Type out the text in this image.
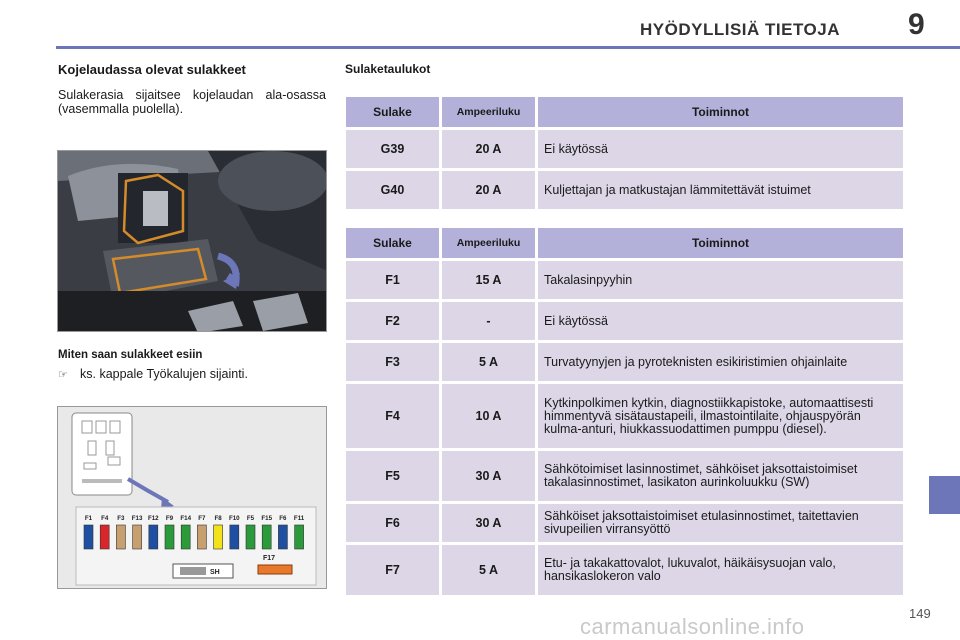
9
HYÖDYLLISIÄ TIETOJA
Kojelaudassa olevat sulakkeet
Sulakerasia sijaitsee kojelaudan ala-osassa (vasemmalla puolella).
Sulaketaulukot
Miten saan sulakkeet esiin
☞ ks. kappale Työkalujen sijainti.
F1 F4 F3 F13 F12 F9 F14 F7 F8 F10 F5 F15 F6 F11
SH
F17
Sulake	Ampeeriluku	Toiminnot
G39	20 A	Ei käytössä
G40	20 A	Kuljettajan ja matkustajan lämmitettävät istuimet
Sulake	Ampeeriluku	Toiminnot
F1	15 A	Takalasinpyyhin
F2	-	Ei käytössä
F3	5 A	Turvatyynyjen ja pyroteknisten esikiristimien ohjainlaite
F4	10 A	Kytkinpolkimen kytkin, diagnostiikkapistoke, automaattisesti himmentyvä sisätaustapeili, ilmastointilaite, ohjauspyörän kulma-anturi, hiukkassuodattimen pumppu (diesel).
F5	30 A	Sähkötoimiset lasinnostimet, sähköiset jaksottaistoimiset takalasinnostimet, lasikaton aurinkoluukku (SW)
F6	30 A	Sähköiset jaksottaistoimiset etulasinnostimet, taitettavien sivupeilien virransyöttö
F7	5 A	Etu- ja takakattovalot, lukuvalot, häikäisysuojan valo, hansikaslokeron valo
149
carmanualsonline.info
